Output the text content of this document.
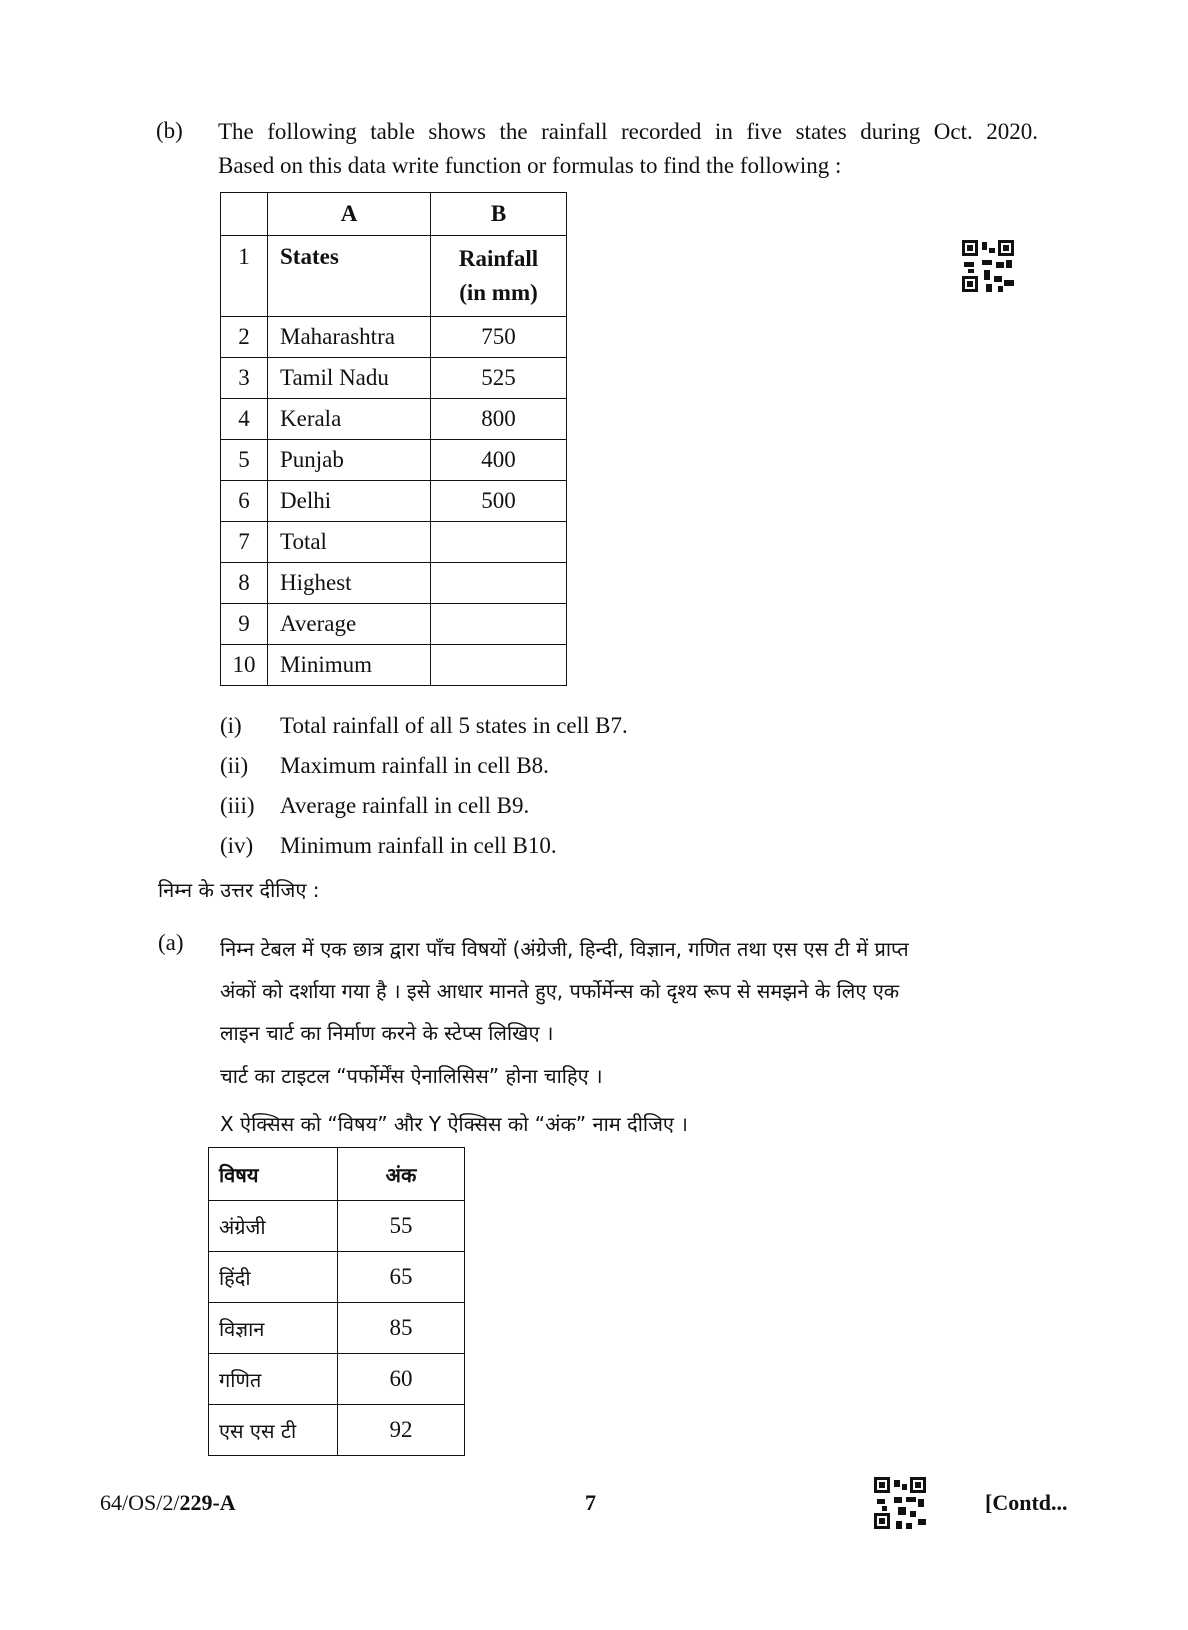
(b) The following table shows the rainfall recorded in five states during Oct. 2020.
Based on this data write function or formulas to find the following :
	A	B
1	States	Rainfall
(in mm)

2	Maharashtra	750
3	Tamil Nadu	525
4	Kerala	800
5	Punjab	400
6	Delhi	500
7	Total	
8	Highest	
9	Average	
10	Minimum	
(i) Total rainfall of all 5 states in cell B7.
(ii) Maximum rainfall in cell B8.
(iii) Average rainfall in cell B9.
(iv) Minimum rainfall in cell B10.
निम्न के उत्तर दीजिए :
(a) निम्न टेबल में एक छात्र द्वारा पाँच विषयों (अंग्रेजी, हिन्दी, विज्ञान, गणित तथा एस एस टी में प्राप्त
अंकों को दर्शाया गया है । इसे आधार मानते हुए, पर्फोर्मेन्स को दृश्य रूप से समझने के लिए एक
लाइन चार्ट का निर्माण करने के स्टेप्स लिखिए ।
चार्ट का टाइटल “पर्फोर्मेंस ऐनालिसिस” होना चाहिए ।
X ऐक्सिस को “विषय” और Y ऐक्सिस को “अंक” नाम दीजिए ।
विषय	अंक
अंग्रेजी	55
हिंदी	65
विज्ञान	85
गणित	60
एस एस टी	92
64/OS/2/229-A	7	[Contd...
